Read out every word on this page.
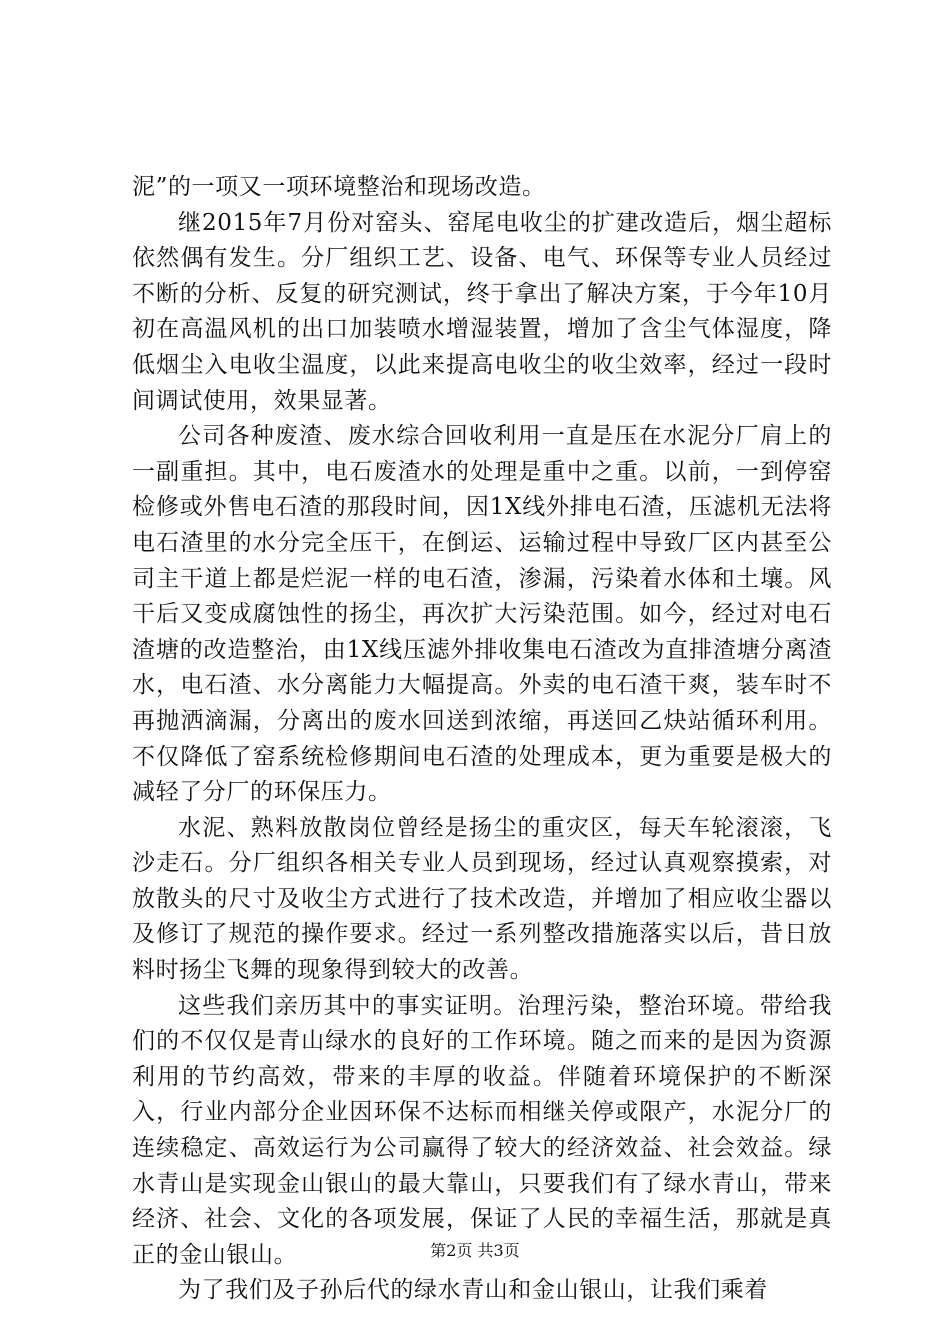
泥”的一项又一项环境整治和现场改造。

继2015年7月份对窑头、窑尾电收尘的扩建改造后，烟尘超标依然偶有发生。分厂组织工艺、设备、电气、环保等专业人员经过不断的分析、反复的研究测试，终于拿出了解决方案，于今年10月初在高温风机的出口加装喷水增湿装置，增加了含尘气体湿度，降低烟尘入电收尘温度，以此来提高电收尘的收尘效率，经过一段时间调试使用，效果显著。

公司各种废渣、废水综合回收利用一直是压在水泥分厂肩上的一副重担。其中，电石废渣水的处理是重中之重。以前，一到停窑检修或外售电石渣的那段时间，因1X线外排电石渣，压滤机无法将电石渣里的水分完全压干，在倒运、运输过程中导致厂区内甚至公司主干道上都是烂泥一样的电石渣，渗漏，污染着水体和土壤。风干后又变成腐蚀性的扬尘，再次扩大污染范围。如今，经过对电石渣塘的改造整治，由1X线压滤外排收集电石渣改为直排渣塘分离渣水，电石渣、水分离能力大幅提高。外卖的电石渣干爽，装车时不再抛洒滴漏，分离出的废水回送到浓缩，再送回乙炔站循环利用。不仅降低了窑系统检修期间电石渣的处理成本，更为重要是极大的减轻了分厂的环保压力。

水泥、熟料放散岗位曾经是扬尘的重灾区，每天车轮滚滚，飞沙走石。分厂组织各相关专业人员到现场，经过认真观察摸索，对放散头的尺寸及收尘方式进行了技术改造，并增加了相应收尘器以及修订了规范的操作要求。经过一系列整改措施落实以后，昔日放料时扬尘飞舞的现象得到较大的改善。

这些我们亲历其中的事实证明。治理污染，整治环境。带给我们的不仅仅是青山绿水的良好的工作环境。随之而来的是因为资源利用的节约高效，带来的丰厚的收益。伴随着环境保护的不断深入，行业内部分企业因环保不达标而相继关停或限产，水泥分厂的连续稳定、高效运行为公司赢得了较大的经济效益、社会效益。绿水青山是实现金山银山的最大靠山，只要我们有了绿水青山，带来经济、社会、文化的各项发展，保证了人民的幸福生活，那就是真正的金山银山。

为了我们及子孙后代的绿水青山和金山银山，让我们乘着

第2页 共3页
